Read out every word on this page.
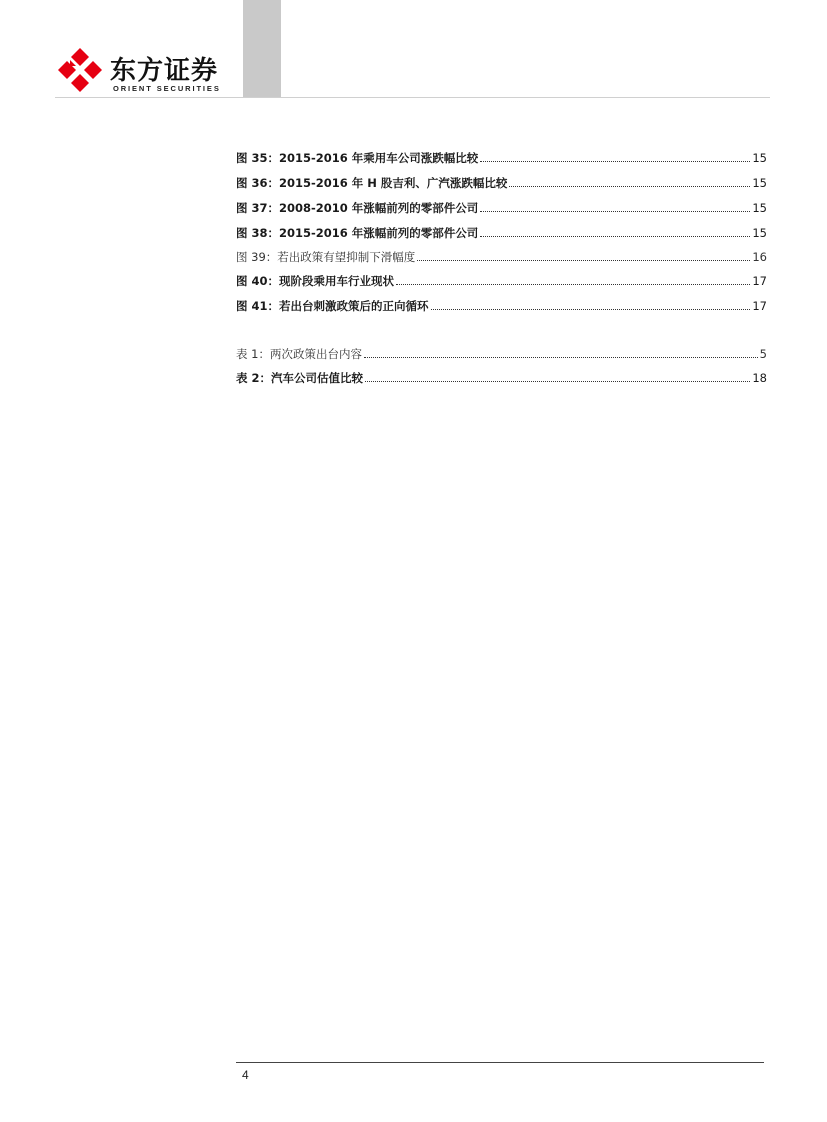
东方证券
ORIENT SECURITIES
图 35：2015-2016 年乘用车公司涨跌幅比较	15
图 36：2015-2016 年 H 股吉利、广汽涨跌幅比较	15
图 37：2008-2010 年涨幅前列的零部件公司	15
图 38：2015-2016 年涨幅前列的零部件公司	15
图 39：若出政策有望抑制下滑幅度	16
图 40：现阶段乘用车行业现状	17
图 41：若出台刺激政策后的正向循环	17
表 1：两次政策出台内容	5
表 2：汽车公司估值比较	18
4
